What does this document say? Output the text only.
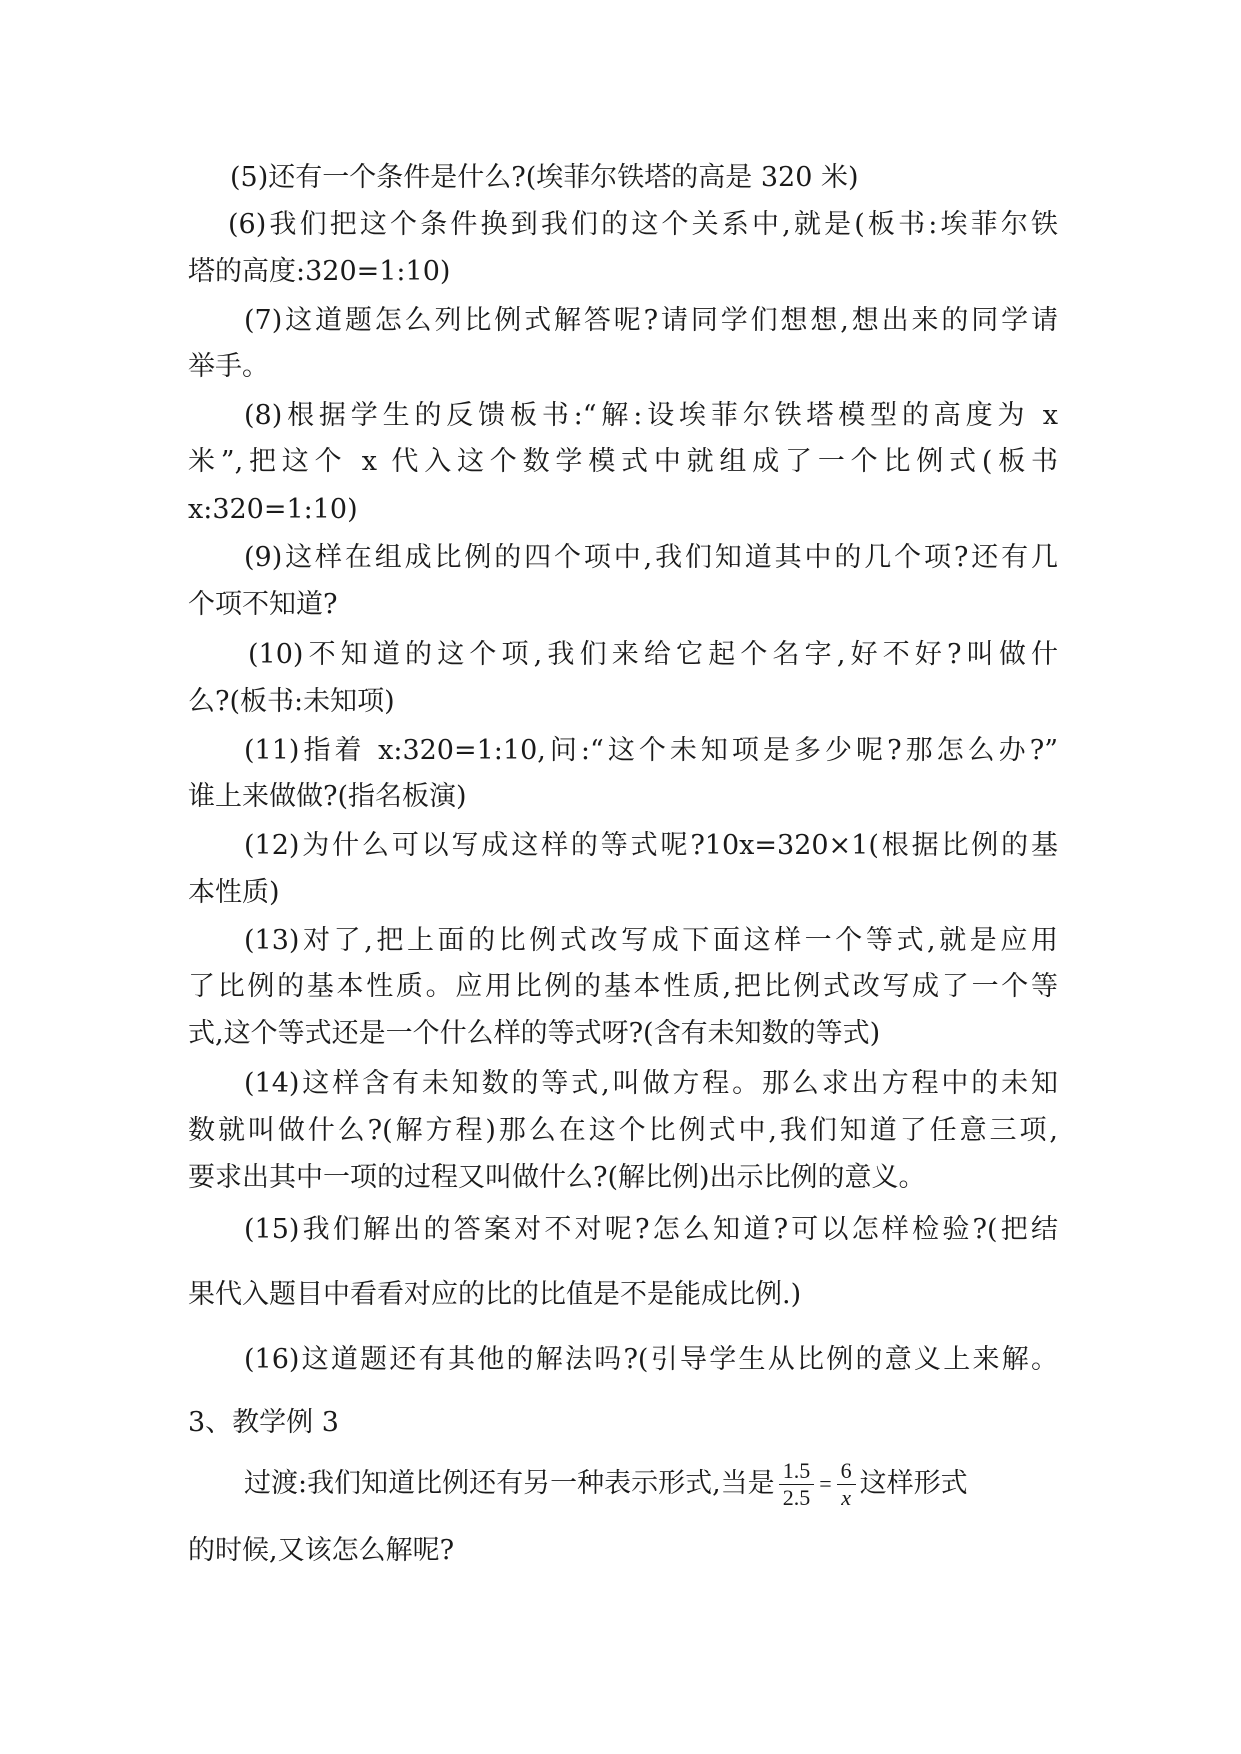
(5)还有一个条件是什么?(埃菲尔铁塔的高是 320 米)
(6)我们把这个条件换到我们的这个关系中,就是(板书:埃菲尔铁
塔的高度:320=1:10)
(7)这道题怎么列比例式解答呢?请同学们想想,想出来的同学请
举手。
(8)根据学生的反馈板书:“解:设埃菲尔铁塔模型的高度为 x
米”,把这个 x 代入这个数学模式中就组成了一个比例式(板书
x:320=1:10)
(9)这样在组成比例的四个项中,我们知道其中的几个项?还有几
个项不知道?
(10)不知道的这个项,我们来给它起个名字,好不好?叫做什
么?(板书:未知项)
(11)指着 x:320=1:10,问:“这个未知项是多少呢?那怎么办?”
谁上来做做?(指名板演)
(12)为什么可以写成这样的等式呢?10x=320×1(根据比例的基
本性质)
(13)对了,把上面的比例式改写成下面这样一个等式,就是应用
了比例的基本性质。应用比例的基本性质,把比例式改写成了一个等
式,这个等式还是一个什么样的等式呀?(含有未知数的等式)
(14)这样含有未知数的等式,叫做方程。那么求出方程中的未知
数就叫做什么?(解方程)那么在这个比例式中,我们知道了任意三项,
要求出其中一项的过程又叫做什么?(解比例)出示比例的意义。
(15)我们解出的答案对不对呢?怎么知道?可以怎样检验?(把结
果代入题目中看看对应的比的比值是不是能成比例.)
(16)这道题还有其他的解法吗?(引导学生从比例的意义上来解。
3、教学例 3
过渡:我们知道比例还有另一种表示形式,当是 $\frac{1.5}{2.5} = \frac{6}{x}$ 这样形式
的时候,又该怎么解呢?
